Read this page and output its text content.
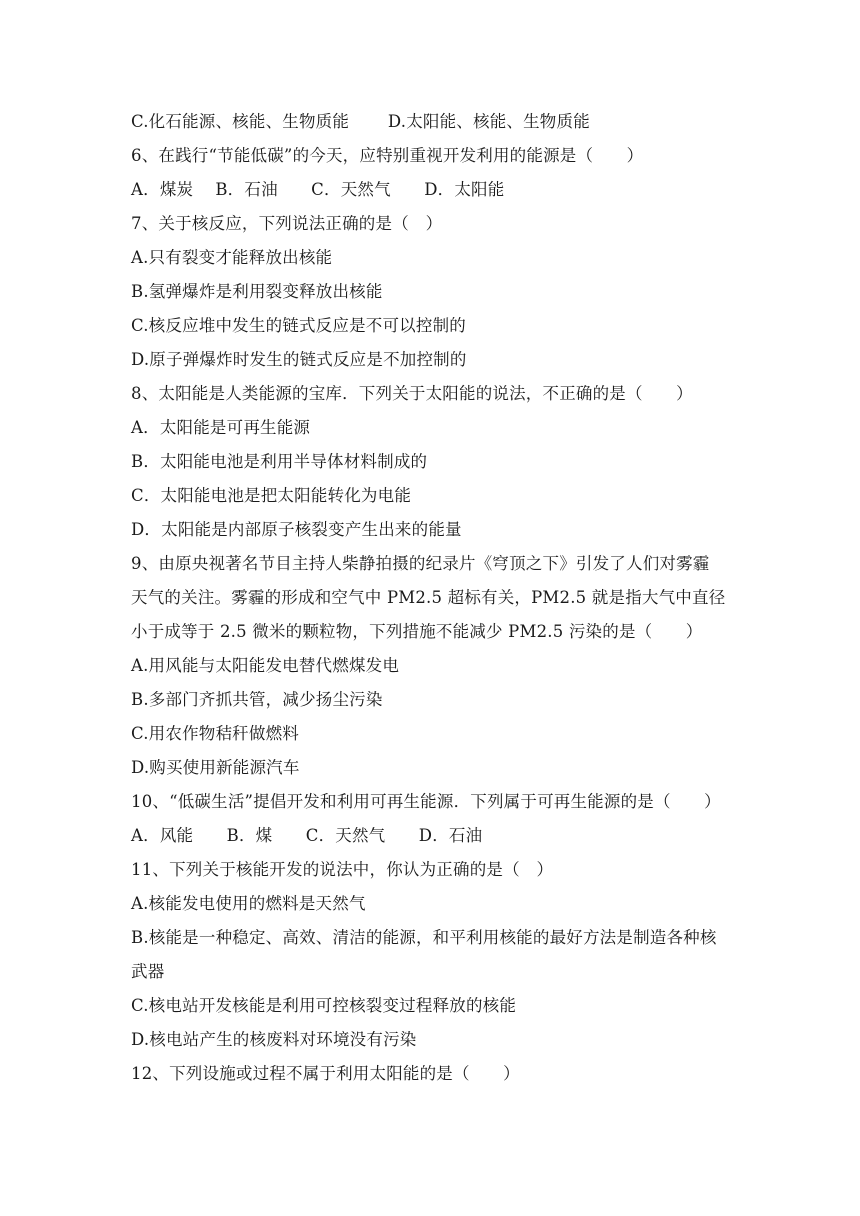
C.化石能源、核能、生物质能　　 D.太阳能、核能、生物质能
6、在践行“节能低碳”的今天，应特别重视开发利用的能源是（　　）
A．煤炭　 B．石油　　C．天然气　　D．太阳能
7、关于核反应，下列说法正确的是（　）
A.只有裂变才能释放出核能
B.氢弹爆炸是利用裂变释放出核能
C.核反应堆中发生的链式反应是不可以控制的
D.原子弹爆炸时发生的链式反应是不加控制的
8、太阳能是人类能源的宝库．下列关于太阳能的说法，不正确的是（　　）
A．太阳能是可再生能源
B．太阳能电池是利用半导体材料制成的
C．太阳能电池是把太阳能转化为电能
D．太阳能是内部原子核裂变产生出来的能量
9、由原央视著名节目主持人柴静拍摄的纪录片《穹顶之下》引发了人们对雾霾
天气的关注。雾霾的形成和空气中 PM2.5 超标有关，PM2.5 就是指大气中直径
小于成等于 2.5 微米的颗粒物，下列措施不能减少 PM2.5 污染的是（　　）
A.用风能与太阳能发电替代燃煤发电
B.多部门齐抓共管，减少扬尘污染
C.用农作物秸秆做燃料
D.购买使用新能源汽车
10、“低碳生活”提倡开发和利用可再生能源．下列属于可再生能源的是（　　）
A．风能　　B．煤　　C．天然气　　D．石油
11、下列关于核能开发的说法中，你认为正确的是（　）
A.核能发电使用的燃料是天然气
B.核能是一种稳定、高效、清洁的能源，和平利用核能的最好方法是制造各种核
武器
C.核电站开发核能是利用可控核裂变过程释放的核能
D.核电站产生的核废料对环境没有污染
12、下列设施或过程不属于利用太阳能的是（　　）
